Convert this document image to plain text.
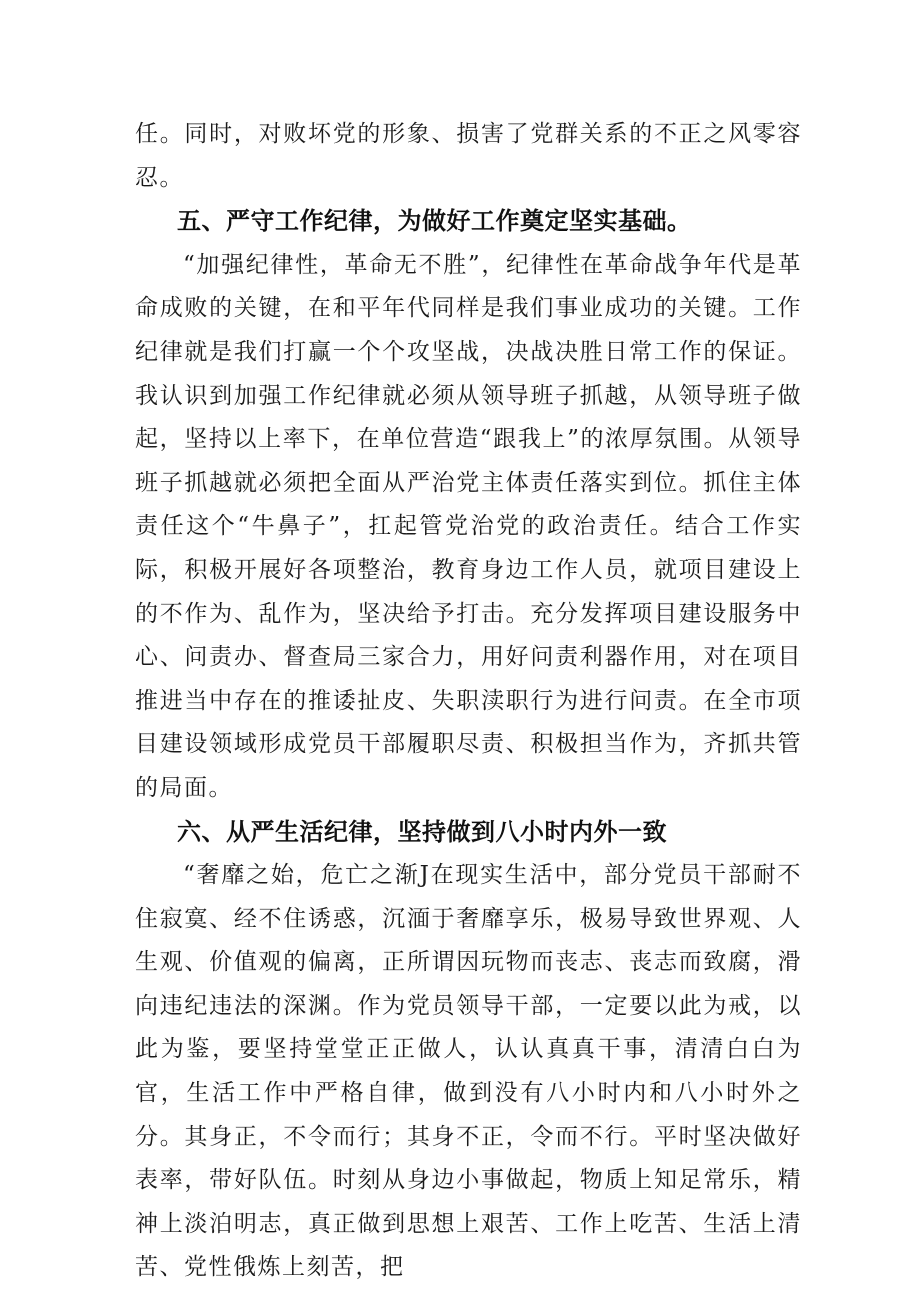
任。同时，对败坏党的形象、损害了党群关系的不正之风零容忍。

五、严守工作纪律，为做好工作奠定坚实基础。

“加强纪律性，革命无不胜”，纪律性在革命战争年代是革命成败的关键，在和平年代同样是我们事业成功的关键。工作纪律就是我们打赢一个个攻坚战，决战决胜日常工作的保证。我认识到加强工作纪律就必须从领导班子抓越，从领导班子做起，坚持以上率下，在单位营造“跟我上”的浓厚氛围。从领导班子抓越就必须把全面从严治党主体责任落实到位。抓住主体责任这个“牛鼻子”，扛起管党治党的政治责任。结合工作实际，积极开展好各项整治，教育身边工作人员，就项目建设上的不作为、乱作为，坚决给予打击。充分发挥项目建设服务中心、问责办、督查局三家合力，用好问责利器作用，对在项目推进当中存在的推诿扯皮、失职渎职行为进行问责。在全市项目建设领域形成党员干部履职尽责、积极担当作为，齐抓共管的局面。

六、从严生活纪律，坚持做到八小时内外一致

“奢靡之始，危亡之渐J在现实生活中，部分党员干部耐不住寂寞、经不住诱惑，沉湎于奢靡享乐，极易导致世界观、人生观、价值观的偏离，正所谓因玩物而丧志、丧志而致腐，滑向违纪违法的深渊。作为党员领导干部，一定要以此为戒，以此为鉴，要坚持堂堂正正做人，认认真真干事，清清白白为官，生活工作中严格自律，做到没有八小时内和八小时外之分。其身正，不令而行；其身不正，令而不行。平时坚决做好表率，带好队伍。时刻从身边小事做起，物质上知足常乐，精神上淡泊明志，真正做到思想上艰苦、工作上吃苦、生活上清苦、党性俄炼上刻苦，把
